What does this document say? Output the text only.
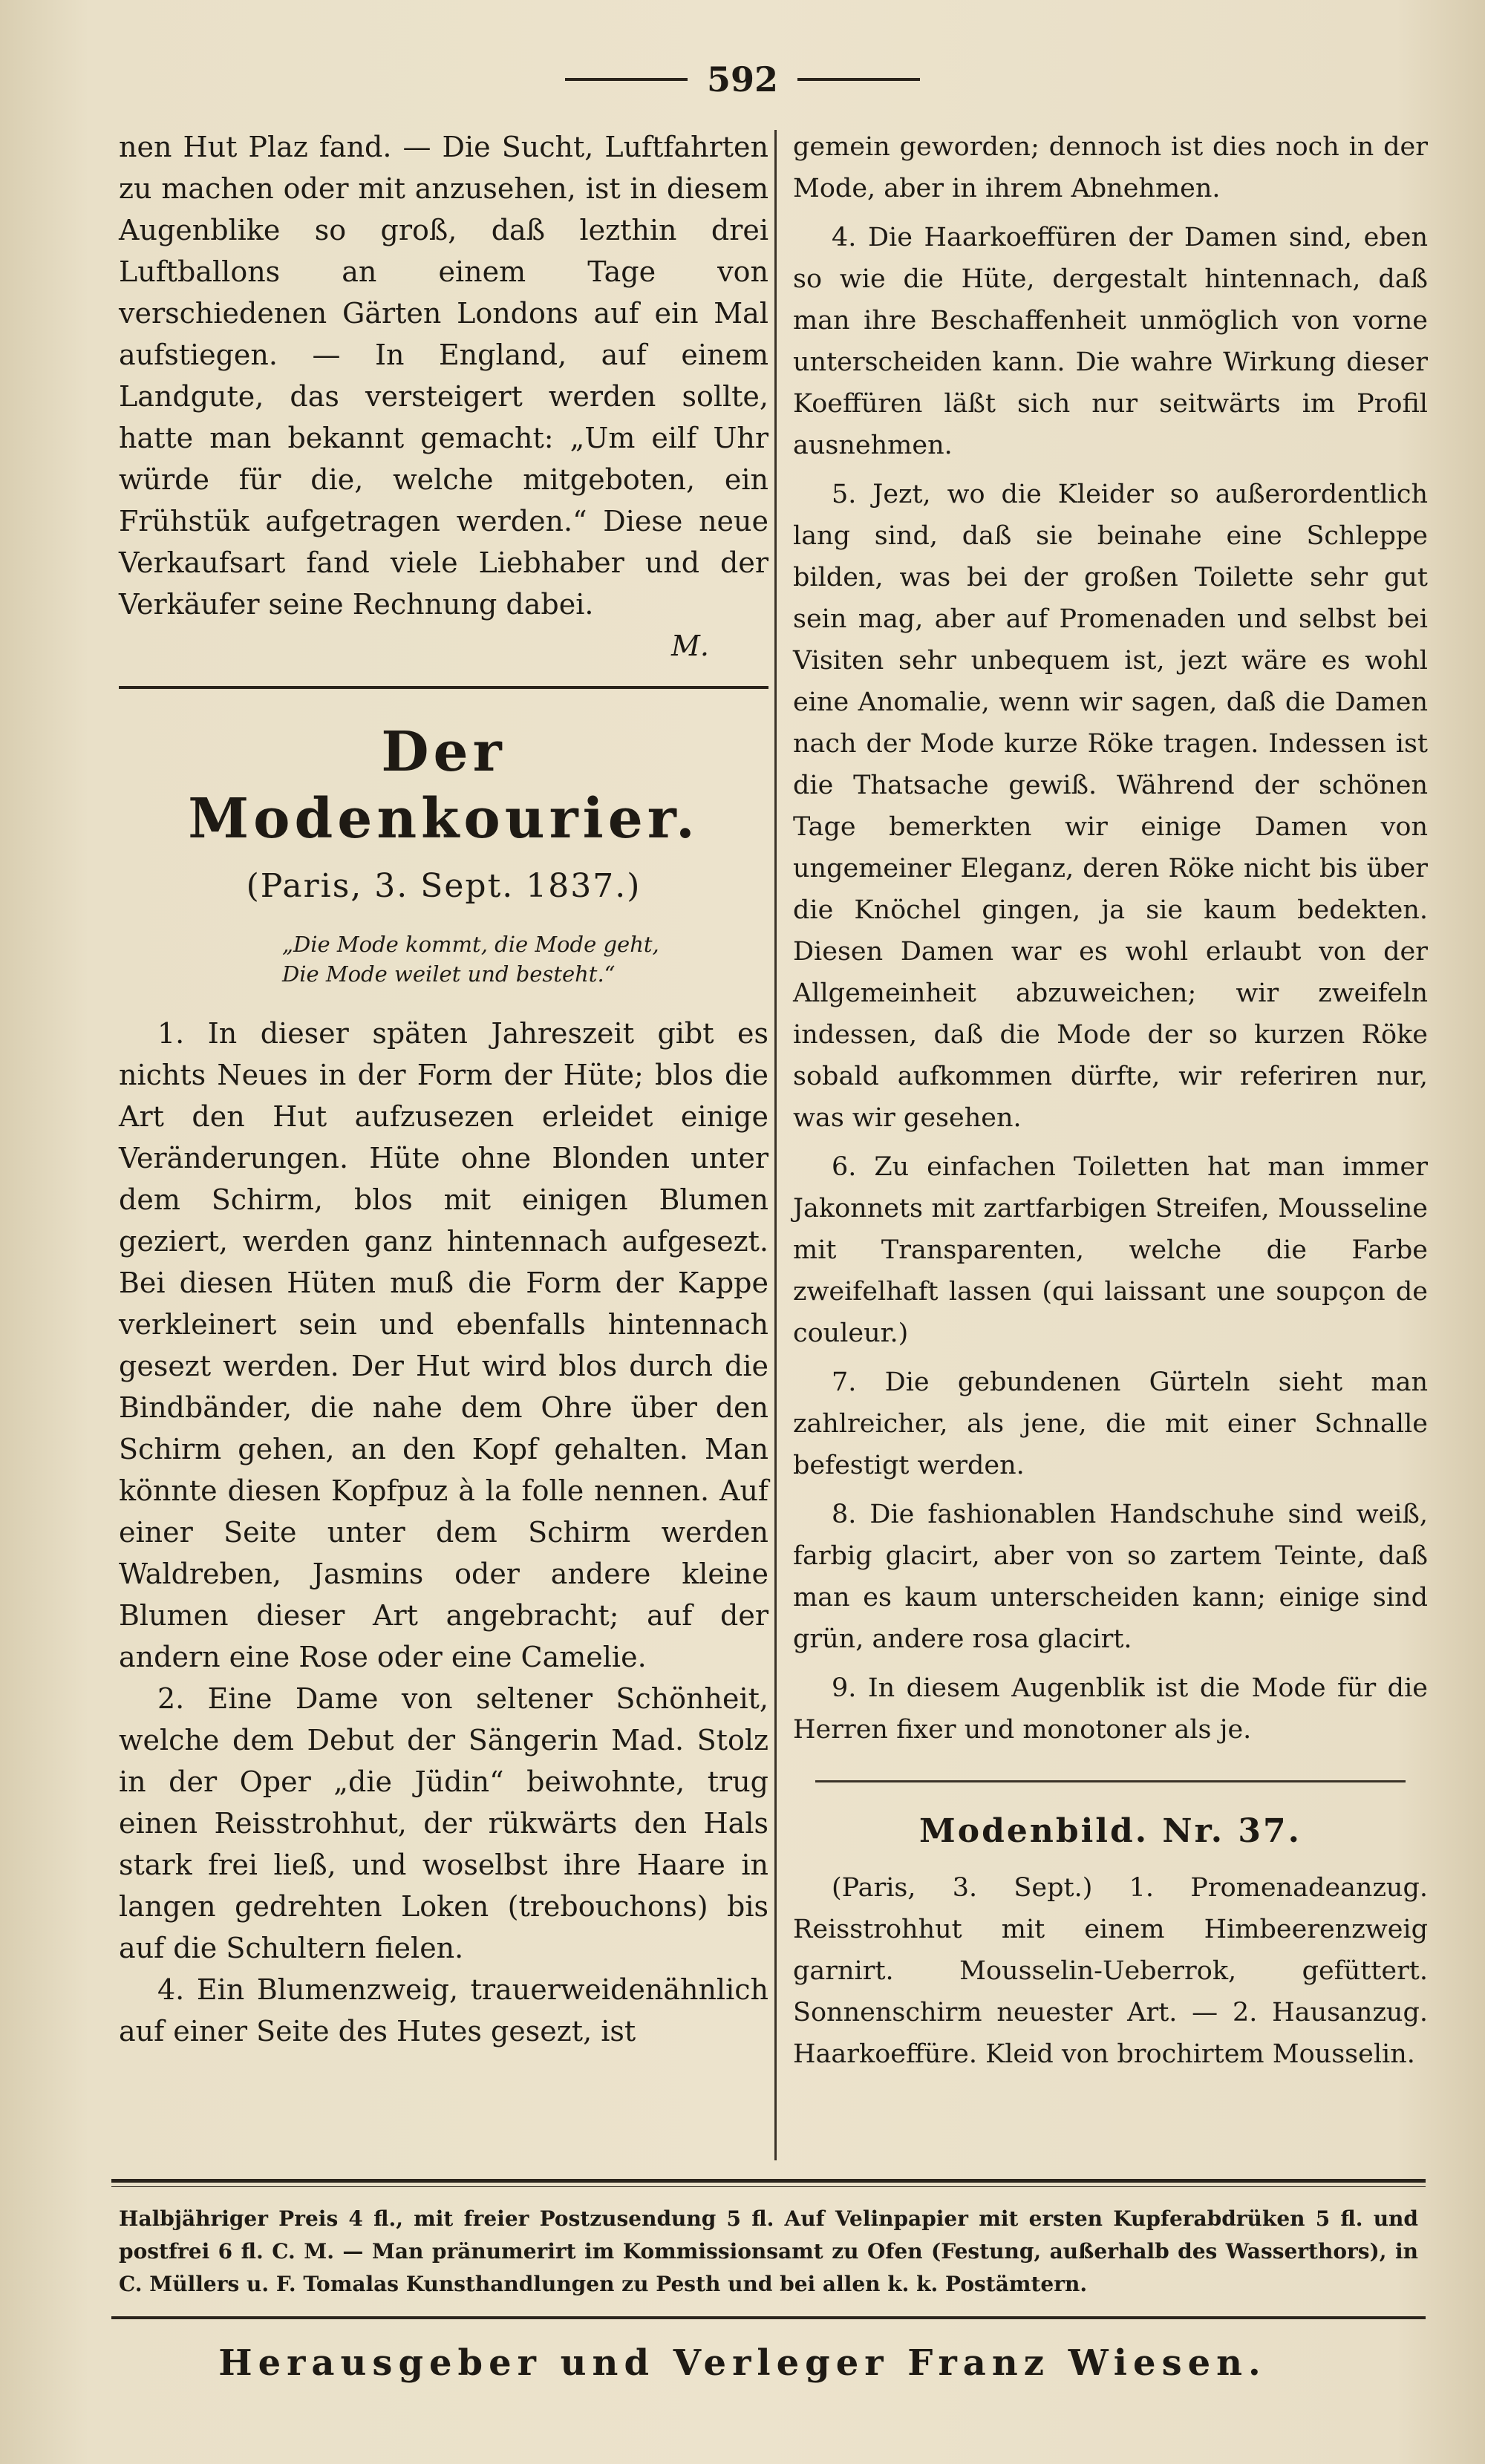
592

nen Hut Plaz fand. — Die Sucht, Luftfahrten zu machen oder mit anzusehen, ist in diesem Augenblike so groß, daß lezthin drei Luftballons an einem Tage von verschiedenen Gärten Londons auf ein Mal aufstiegen. — In England, auf einem Landgute, das versteigert werden sollte, hatte man bekannt gemacht: „Um eilf Uhr würde für die, welche mitgeboten, ein Frühstük aufgetragen werden.“ Diese neue Verkaufsart fand viele Liebhaber und der Verkäufer seine Rechnung dabei.

M.
Der Modenkourier.
(Paris, 3. Sept. 1837.)
„Die Mode kommt, die Mode geht,
Die Mode weilet und besteht.“

1. In dieser späten Jahreszeit gibt es nichts Neues in der Form der Hüte; blos die Art den Hut aufzusezen erleidet einige Veränderungen. Hüte ohne Blonden unter dem Schirm, blos mit einigen Blumen geziert, werden ganz hintennach aufgesezt. Bei diesen Hüten muß die Form der Kappe verkleinert sein und ebenfalls hintennach gesezt werden. Der Hut wird blos durch die Bindbänder, die nahe dem Ohre über den Schirm gehen, an den Kopf gehalten. Man könnte diesen Kopfpuz à la folle nennen. Auf einer Seite unter dem Schirm werden Waldreben, Jasmins oder andere kleine Blumen dieser Art angebracht; auf der andern eine Rose oder eine Camelie.

2. Eine Dame von seltener Schönheit, welche dem Debut der Sängerin Mad. Stolz in der Oper „die Jüdin“ beiwohnte, trug einen Reisstrohhut, der rükwärts den Hals stark frei ließ, und woselbst ihre Haare in langen gedrehten Loken (trebouchons) bis auf die Schultern fielen.

4. Ein Blumenzweig, trauerweidenähnlich auf einer Seite des Hutes gesezt, ist

gemein geworden; dennoch ist dies noch in der Mode, aber in ihrem Abnehmen.

4. Die Haarkoeffüren der Damen sind, eben so wie die Hüte, dergestalt hintennach, daß man ihre Beschaffenheit unmöglich von vorne unterscheiden kann. Die wahre Wirkung dieser Koeffüren läßt sich nur seitwärts im Profil ausnehmen.

5. Jezt, wo die Kleider so außerordentlich lang sind, daß sie beinahe eine Schleppe bilden, was bei der großen Toilette sehr gut sein mag, aber auf Promenaden und selbst bei Visiten sehr unbequem ist, jezt wäre es wohl eine Anomalie, wenn wir sagen, daß die Damen nach der Mode kurze Röke tragen. Indessen ist die Thatsache gewiß. Während der schönen Tage bemerkten wir einige Damen von ungemeiner Eleganz, deren Röke nicht bis über die Knöchel gingen, ja sie kaum bedekten. Diesen Damen war es wohl erlaubt von der Allgemeinheit abzuweichen; wir zweifeln indessen, daß die Mode der so kurzen Röke sobald aufkommen dürfte, wir referiren nur, was wir gesehen.

6. Zu einfachen Toiletten hat man immer Jakonnets mit zartfarbigen Streifen, Mousseline mit Transparenten, welche die Farbe zweifelhaft lassen (qui laissant une soupçon de couleur.)

7. Die gebundenen Gürteln sieht man zahlreicher, als jene, die mit einer Schnalle befestigt werden.

8. Die fashionablen Handschuhe sind weiß, farbig glacirt, aber von so zartem Teinte, daß man es kaum unterscheiden kann; einige sind grün, andere rosa glacirt.

9. In diesem Augenblik ist die Mode für die Herren fixer und monotoner als je.

Modenbild. Nr. 37.

(Paris, 3. Sept.) 1. Promenadeanzug. Reisstrohhut mit einem Himbeerenzweig garnirt. Mousselin-Ueberrok, gefüttert. Sonnenschirm neuester Art. — 2. Hausanzug. Haarkoeffüre. Kleid von brochirtem Mousselin.

Halbjähriger Preis 4 fl., mit freier Postzusendung 5 fl. Auf Velinpapier mit ersten Kupferabdrüken 5 fl. und postfrei 6 fl. C. M. — Man pränumerirt im Kommissionsamt zu Ofen (Festung, außerhalb des Wasserthors), in C. Müllers u. F. Tomalas Kunsthandlungen zu Pesth und bei allen k. k. Postämtern.
Herausgeber und Verleger Franz Wiesen.
